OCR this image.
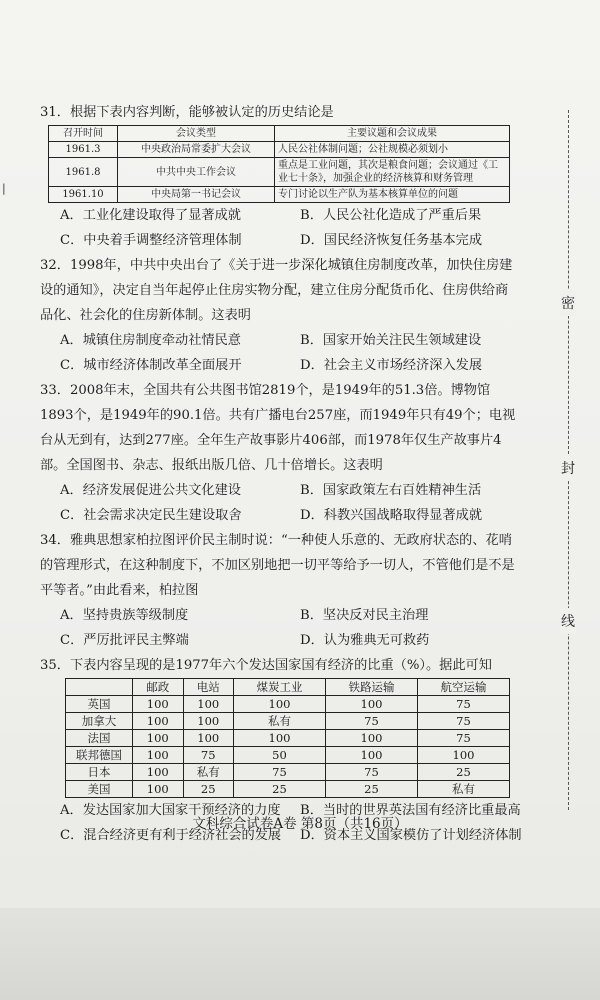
|

31．根据下表内容判断，能够被认定的历史结论是

召开时间	会议类型	主要议题和会议成果
1961.3	中央政治局常委扩大会议	人民公社体制问题；公社规模必须划小
1961.8	中共中央工作会议	重点是工业问题，其次是粮食问题；会议通过《工业七十条》，加强企业的经济核算和财务管理
1961.10	中央局第一书记会议	专门讨论以生产队为基本核算单位的问题
A．工业化建设取得了显著成就	B．人民公社化造成了严重后果
C．中央着手调整经济管理体制	D．国民经济恢复任务基本完成

32．1998年，中共中央出台了《关于进一步深化城镇住房制度改革，加快住房建设的通知》，决定自当年起停止住房实物分配，建立住房分配货币化、住房供给商品化、社会化的住房新体制。这表明

A．城镇住房制度牵动社情民意	B．国家开始关注民生领域建设
C．城市经济体制改革全面展开	D．社会主义市场经济深入发展

33．2008年末，全国共有公共图书馆2819个，是1949年的51.3倍。博物馆1893个，是1949年的90.1倍。共有广播电台257座，而1949年只有49个；电视台从无到有，达到277座。全年生产故事影片406部，而1978年仅生产故事片4部。全国图书、杂志、报纸出版几倍、几十倍增长。这表明

A．经济发展促进公共文化建设	B．国家政策左右百姓精神生活
C．社会需求决定民生建设取舍	D．科教兴国战略取得显著成就

34．雅典思想家柏拉图评价民主制时说：“一种使人乐意的、无政府状态的、花哨的管理形式，在这种制度下，不加区别地把一切平等给予一切人，不管他们是不是平等者。”由此看来，柏拉图

A．坚持贵族等级制度	B．坚决反对民主治理
C．严厉批评民主弊端	D．认为雅典无可救药

35．下表内容呈现的是1977年六个发达国家国有经济的比重（%）。据此可知

	邮政	电站	煤炭工业	铁路运输	航空运输
英国	100	100	100	100	75
加拿大	100	100	私有	75	75
法国	100	100	100	100	75
联邦德国	100	75	50	100	100
日本	100	私有	75	75	25
美国	100	25	25	25	私有
A．发达国家加大国家干预经济的力度	B．当时的世界英法国有经济比重最高
C．混合经济更有利于经济社会的发展	D．资本主义国家模仿了计划经济体制
密
封
线
文科综合试卷A卷 第8页（共16页）
